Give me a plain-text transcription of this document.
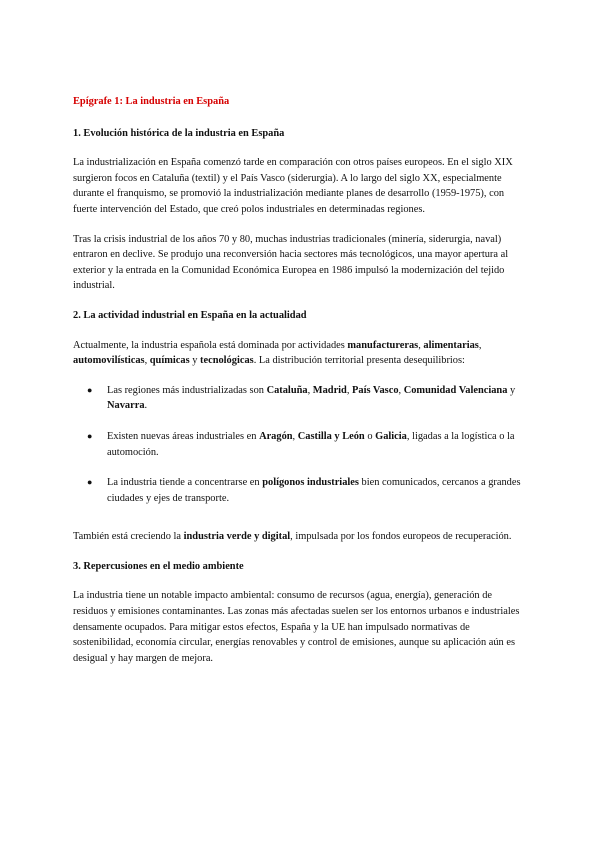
Epígrafe 1: La industria en España
1. Evolución histórica de la industria en España

La industrialización en España comenzó tarde en comparación con otros países europeos. En el siglo XIX surgieron focos en Cataluña (textil) y el País Vasco (siderurgia). A lo largo del siglo XX, especialmente durante el franquismo, se promovió la industrialización mediante planes de desarrollo (1959-1975), con fuerte intervención del Estado, que creó polos industriales en determinadas regiones.

Tras la crisis industrial de los años 70 y 80, muchas industrias tradicionales (minería, siderurgia, naval) entraron en declive. Se produjo una reconversión hacia sectores más tecnológicos, una mayor apertura al exterior y la entrada en la Comunidad Económica Europea en 1986 impulsó la modernización del tejido industrial.

2. La actividad industrial en España en la actualidad

Actualmente, la industria española está dominada por actividades manufactureras, alimentarias, automovilísticas, químicas y tecnológicas. La distribución territorial presenta desequilibrios:

● Las regiones más industrializadas son Cataluña, Madrid, País Vasco, Comunidad Valenciana y Navarra.
● Existen nuevas áreas industriales en Aragón, Castilla y León o Galicia, ligadas a la logística o la automoción.
● La industria tiende a concentrarse en polígonos industriales bien comunicados, cercanos a grandes ciudades y ejes de transporte.

También está creciendo la industria verde y digital, impulsada por los fondos europeos de recuperación.

3. Repercusiones en el medio ambiente

La industria tiene un notable impacto ambiental: consumo de recursos (agua, energía), generación de residuos y emisiones contaminantes. Las zonas más afectadas suelen ser los entornos urbanos e industriales densamente ocupados. Para mitigar estos efectos, España y la UE han impulsado normativas de sostenibilidad, economía circular, energías renovables y control de emisiones, aunque su aplicación aún es desigual y hay margen de mejora.
